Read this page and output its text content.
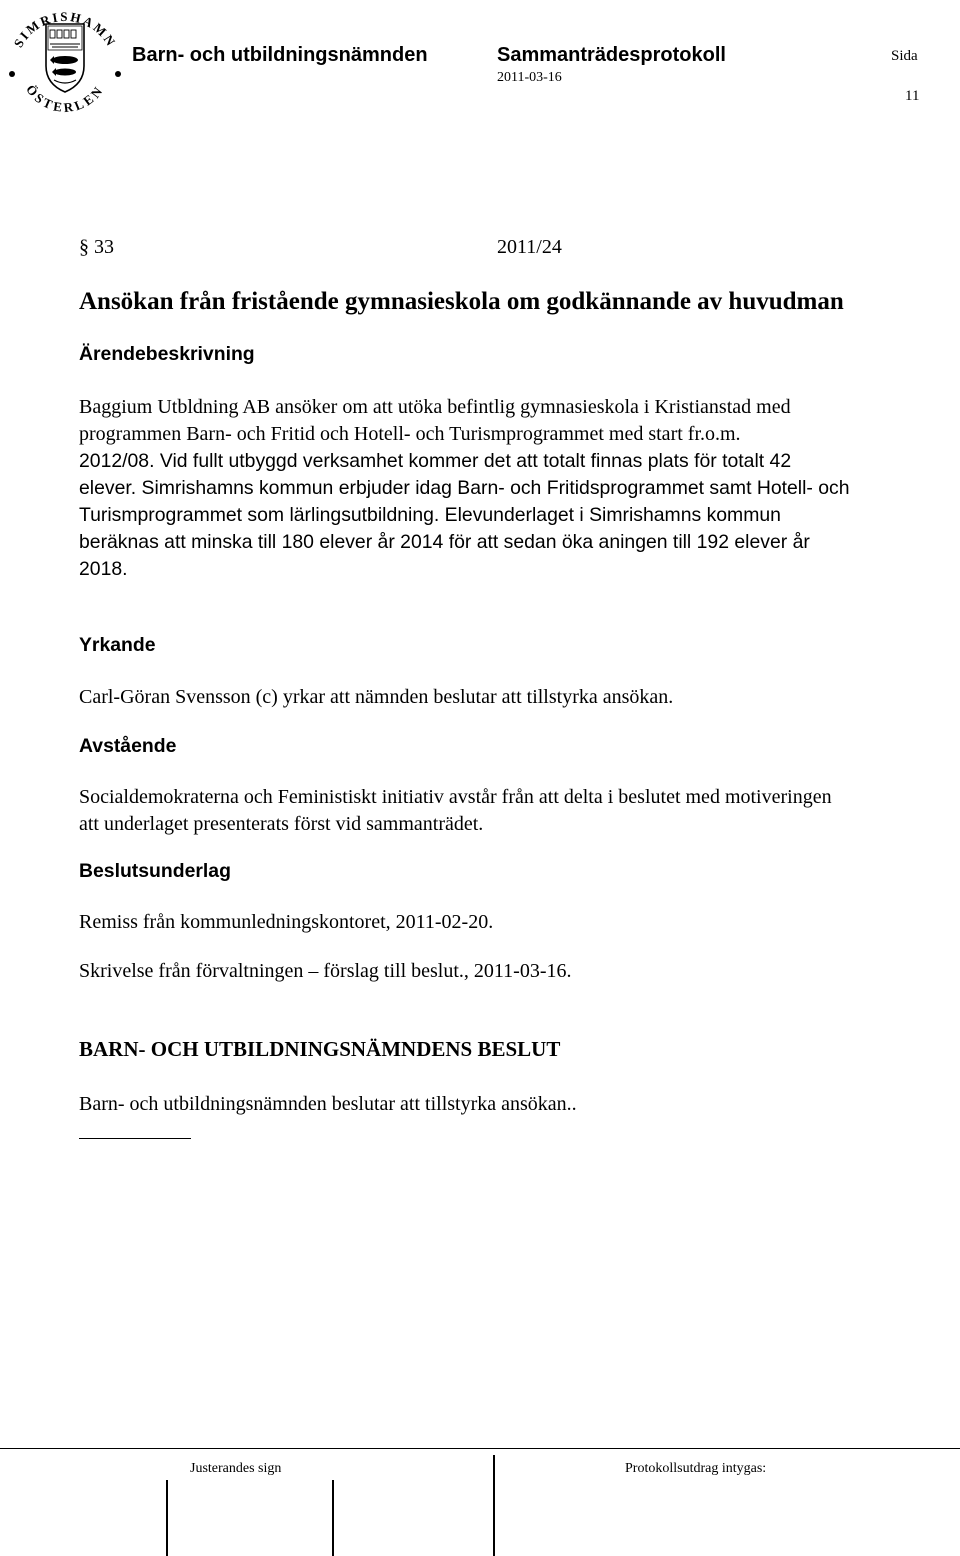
SIMRISHAMN
ÖSTERLEN
Barn- och utbildningsnämnden	Sammanträdesprotokoll
2011-03-16
Sida
11
§ 33	2011/24
Ansökan från fristående gymnasieskola om godkännande av huvudman
Ärendebeskrivning
Baggium Utbldning AB ansöker om att utöka befintlig gymnasieskola i Kristianstad med
programmen Barn- och Fritid och Hotell- och Turismprogrammet med start fr.o.m.
2012/08. Vid fullt utbyggd verksamhet kommer det att totalt finnas plats för totalt 42
elever. Simrishamns kommun erbjuder idag Barn- och Fritidsprogrammet samt Hotell- och
Turismprogrammet som lärlingsutbildning. Elevunderlaget i Simrishamns kommun
beräknas att minska till 180 elever år 2014 för att sedan öka aningen till 192 elever år
2018.
Yrkande
Carl-Göran Svensson (c) yrkar att nämnden beslutar att tillstyrka ansökan.
Avstående
Socialdemokraterna och Feministiskt initiativ avstår från att delta i beslutet med motiveringen
att underlaget presenterats först vid sammanträdet.
Beslutsunderlag
Remiss från kommunledningskontoret, 2011-02-20.
Skrivelse från förvaltningen – förslag till beslut., 2011-03-16.
BARN- OCH UTBILDNINGSNÄMNDENS BESLUT
Barn- och utbildningsnämnden beslutar att tillstyrka ansökan..
Justerandes sign	Protokollsutdrag intygas:
